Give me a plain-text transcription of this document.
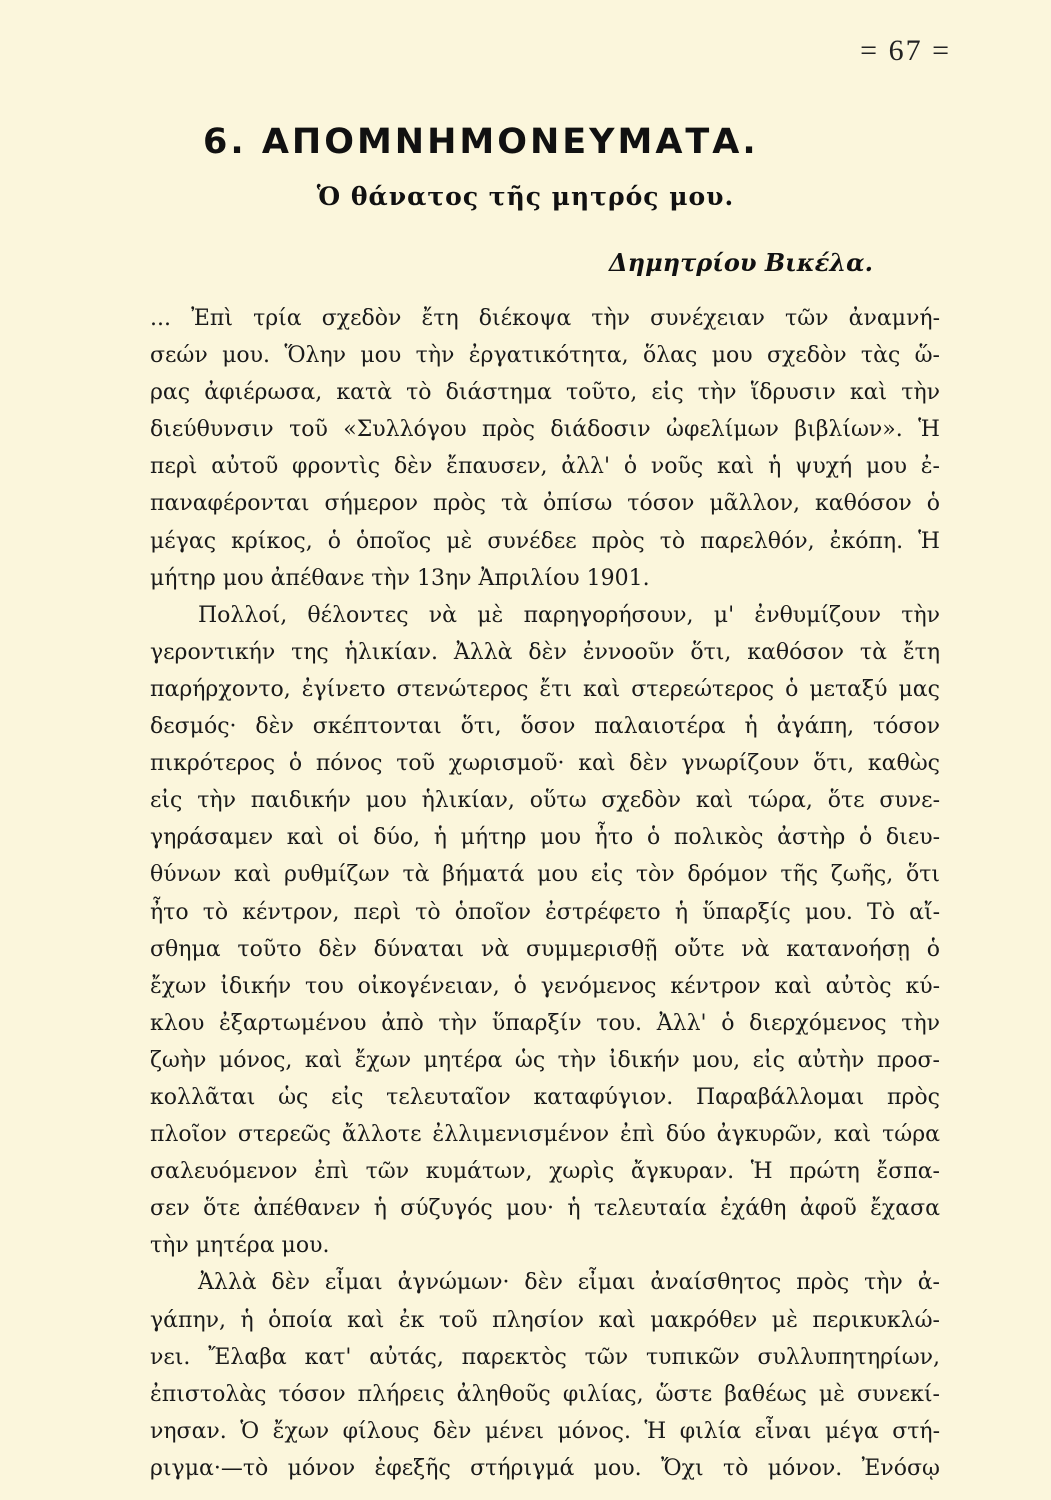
= 67 =
6. ΑΠΟΜΝΗΜΟΝΕΥΜΑΤΑ.
Ὁ θάνατος τῆς μητρός μου.
Δημητρίου Βικέλα.
... Ἐπὶ τρία σχεδὸν ἔτη διέκοψα τὴν συνέχειαν τῶν ἀναμνή-
σεών μου. Ὅλην μου τὴν ἐργατικότητα, ὅλας μου σχεδὸν τὰς ὥ-
ρας ἀφιέρωσα, κατὰ τὸ διάστημα τοῦτο, εἰς τὴν ἵδρυσιν καὶ τὴν
διεύθυνσιν τοῦ «Συλλόγου πρὸς διάδοσιν ὠφελίμων βιβλίων». Ἡ
περὶ αὐτοῦ φροντὶς δὲν ἔπαυσεν, ἀλλ' ὁ νοῦς καὶ ἡ ψυχή μου ἐ-
παναφέρονται σήμερον πρὸς τὰ ὀπίσω τόσον μᾶλλον, καθόσον ὁ
μέγας κρίκος, ὁ ὁποῖος μὲ συνέδεε πρὸς τὸ παρελθόν, ἐκόπη. Ἡ
μήτηρ μου ἀπέθανε τὴν 13ην Ἀπριλίου 1901.
Πολλοί, θέλοντες νὰ μὲ παρηγορήσουν, μ' ἐνθυμίζουν τὴν
γεροντικήν της ἡλικίαν. Ἀλλὰ δὲν ἐννοοῦν ὅτι, καθόσον τὰ ἔτη
παρήρχοντο, ἐγίνετο στενώτερος ἔτι καὶ στερεώτερος ὁ μεταξύ μας
δεσμός· δὲν σκέπτονται ὅτι, ὅσον παλαιοτέρα ἡ ἀγάπη, τόσον
πικρότερος ὁ πόνος τοῦ χωρισμοῦ· καὶ δὲν γνωρίζουν ὅτι, καθὼς
εἰς τὴν παιδικήν μου ἡλικίαν, οὕτω σχεδὸν καὶ τώρα, ὅτε συνε-
γηράσαμεν καὶ οἱ δύο, ἡ μήτηρ μου ἦτο ὁ πολικὸς ἀστὴρ ὁ διευ-
θύνων καὶ ρυθμίζων τὰ βήματά μου εἰς τὸν δρόμον τῆς ζωῆς, ὅτι
ἦτο τὸ κέντρον, περὶ τὸ ὁποῖον ἐστρέφετο ἡ ὕπαρξίς μου. Τὸ αἴ-
σθημα τοῦτο δὲν δύναται νὰ συμμερισθῇ οὔτε νὰ κατανοήσῃ ὁ
ἔχων ἰδικήν του οἰκογένειαν, ὁ γενόμενος κέντρον καὶ αὐτὸς κύ-
κλου ἐξαρτωμένου ἀπὸ τὴν ὕπαρξίν του. Ἀλλ' ὁ διερχόμενος τὴν
ζωὴν μόνος, καὶ ἔχων μητέρα ὡς τὴν ἰδικήν μου, εἰς αὐτὴν προσ-
κολλᾶται ὡς εἰς τελευταῖον καταφύγιον. Παραβάλλομαι πρὸς
πλοῖον στερεῶς ἄλλοτε ἐλλιμενισμένον ἐπὶ δύο ἀγκυρῶν, καὶ τώρα
σαλευόμενον ἐπὶ τῶν κυμάτων, χωρὶς ἄγκυραν. Ἡ πρώτη ἔσπα-
σεν ὅτε ἀπέθανεν ἡ σύζυγός μου· ἡ τελευταία ἐχάθη ἀφοῦ ἔχασα
τὴν μητέρα μου.
Ἀλλὰ δὲν εἶμαι ἀγνώμων· δὲν εἶμαι ἀναίσθητος πρὸς τὴν ἀ-
γάπην, ἡ ὁποία καὶ ἐκ τοῦ πλησίον καὶ μακρόθεν μὲ περικυκλώ-
νει. Ἔλαβα κατ' αὐτάς, παρεκτὸς τῶν τυπικῶν συλλυπητηρίων,
ἐπιστολὰς τόσον πλήρεις ἀληθοῦς φιλίας, ὥστε βαθέως μὲ συνεκί-
νησαν. Ὁ ἔχων φίλους δὲν μένει μόνος. Ἡ φιλία εἶναι μέγα στή-
ριγμα·—τὸ μόνον ἐφεξῆς στήριγμά μου. Ὄχι τὸ μόνον. Ἐνόσῳ
